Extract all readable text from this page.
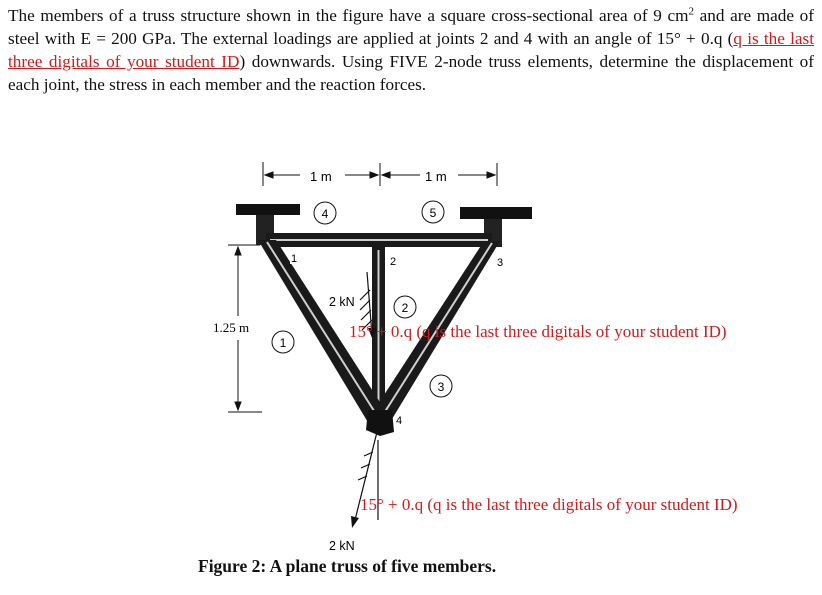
The members of a truss structure shown in the figure have a square cross-sectional area of 9 $cm^2$ and are made of steel with E = 200 GPa. The external loadings are applied at joints 2 and 4 with an angle of 15° + 0.q (q is the last three digitals of your student ID) downwards. Using FIVE 2-node truss elements, determine the displacement of each joint, the stress in each member and the reaction forces.
1 m	1 m
1.25 m
4	5
1
2
3
1	2	3
4
2 kN
15° + 0.q (q is the last three digitals of your student ID)
2 kN
15° + 0.q (q is the last three digitals of your student ID)
Figure 2: A plane truss of five members.
